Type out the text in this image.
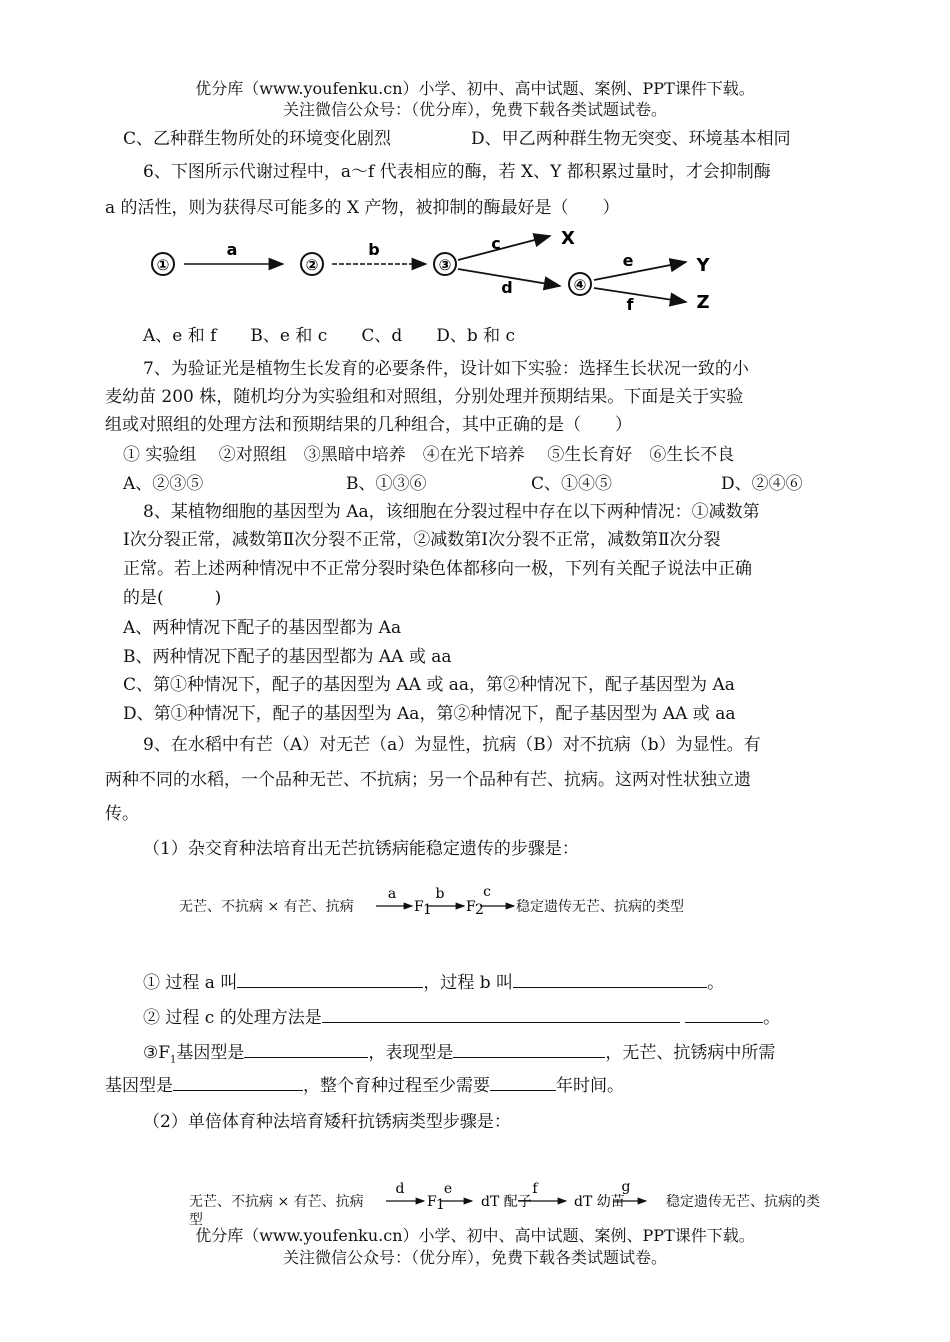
优分库（www.youfenku.cn）小学、初中、高中试题、案例、PPT课件下载。
关注微信公众号：（优分库），免费下载各类试题试卷。
C、乙种群生物所处的环境变化剧烈	D、甲乙两种群生物无突变、环境基本相同
6、下图所示代谢过程中，a～f 代表相应的酶，若 X、Y 都积累过量时，才会抑制酶
a 的活性，则为获得尽可能多的 X 产物，被抑制的酶最好是（　　）
①
a
②
b
③
c	X
d	④
e	Y
f	Z
A、e 和 f　　B、e 和 c　　C、d　　D、b 和 c
7、为验证光是植物生长发育的必要条件，设计如下实验：选择生长状况一致的小
麦幼苗 200 株，随机均分为实验组和对照组，分别处理并预期结果。下面是关于实验
组或对照组的处理方法和预期结果的几种组合，其中正确的是（　　）
① 实验组　 ②对照组　③黑暗中培养　④在光下培养　 ⑤生长育好　⑥生长不良
A、②③⑤	B、①③⑥	C、①④⑤	D、②④⑥
8、某植物细胞的基因型为 Aa，该细胞在分裂过程中存在以下两种情况：①减数第
Ⅰ次分裂正常，减数第Ⅱ次分裂不正常，②减数第Ⅰ次分裂不正常，减数第Ⅱ次分裂
正常。若上述两种情况中不正常分裂时染色体都移向一极，下列有关配子说法中正确
的是(　　　)
A、两种情况下配子的基因型都为 Aa
B、两种情况下配子的基因型都为 AA 或 aa
C、第①种情况下，配子的基因型为 AA 或 aa，第②种情况下，配子基因型为 Aa
D、第①种情况下，配子的基因型为 Aa，第②种情况下，配子基因型为 AA 或 aa
9、在水稻中有芒（A）对无芒（a）为显性，抗病（B）对不抗病（b）为显性。有
两种不同的水稻，一个品种无芒、不抗病；另一个品种有芒、抗病。这两对性状独立遗
传。
（1）杂交育种法培育出无芒抗锈病能稳定遗传的步骤是：
无芒、不抗病 × 有芒、抗病
a
F 1
b
F 2
c
稳定遗传无芒、抗病的类型
① 过程 a 叫	，过程 b 叫	。
② 过程 c 的处理方法是	。
$③F_1$基因型是	，表现型是	，无芒、抗锈病中所需
基因型是	，整个育种过程至少需要	年时间。
（2）单倍体育种法培育矮秆抗锈病类型步骤是：
无芒、不抗病 × 有芒、抗病
d
F 1
e
dT 配子
f
dT 幼苗
g
稳定遗传无芒、抗病的类
型
优分库（www.youfenku.cn）小学、初中、高中试题、案例、PPT课件下载。
关注微信公众号：（优分库），免费下载各类试题试卷。
